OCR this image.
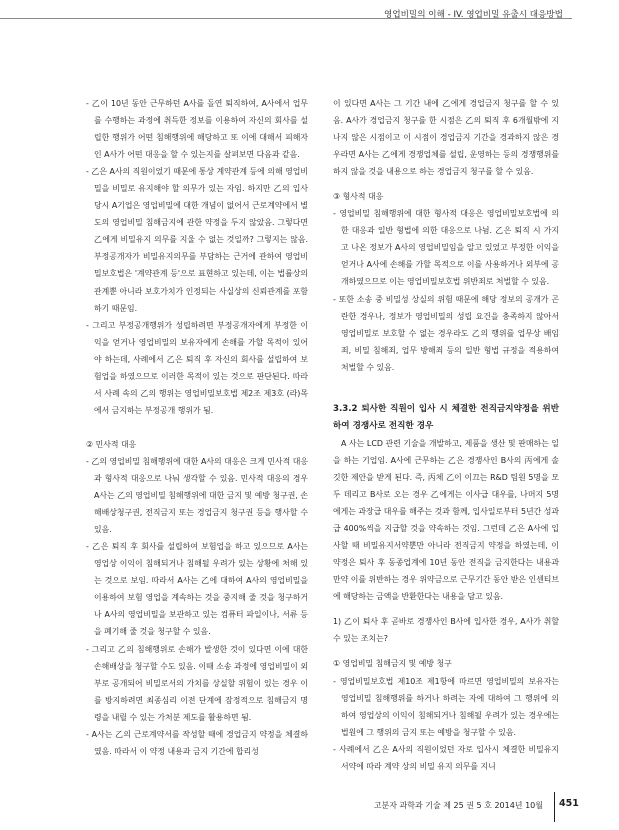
영업비밀의 이해 - IV. 영업비밀 유출시 대응방법

- 乙이 10년 동안 근무하던 A사를 돌연 퇴직하여, A사에서 업무를 수행하는 과정에 취득한 정보를 이용하여 자신의 회사를 설립한 행위가 어떤 침해행위에 해당하고 또 이에 대해서 피해자인 A사가 어떤 대응을 할 수 있는지를 살펴보면 다음과 같음.

- 乙은 A사의 직원이었기 때문에 통상 계약관계 등에 의해 영업비밀을 비밀로 유지해야 할 의무가 있는 자임. 하지만 乙의 입사 당시 A기업은 영업비밀에 대한 개념이 없어서 근로계약에서 별도의 영업비밀 침해금지에 관한 약정을 두지 않았음. 그렇다면 乙에게 비밀유지 의무를 지울 수 없는 것일까? 그렇지는 않음. 부정공개자가 비밀유지의무를 부담하는 근거에 관하여 영업비밀보호법은 '계약관계 등'으로 표현하고 있는데, 이는 법률상의 관계뿐 아니라 보호가치가 인정되는 사실상의 신뢰관계를 포함하기 때문임.

- 그리고 부정공개행위가 성립하려면 부정공개자에게 부정한 이익을 얻거나 영업비밀의 보유자에게 손해를 가할 목적이 있어야 하는데, 사례에서 乙은 퇴직 후 자신의 회사를 설립하여 보험업을 하였으므로 이러한 목적이 있는 것으로 판단된다. 따라서 사례 속의 乙의 행위는 영업비밀보호법 제2조 제3호 (라)목에서 금지하는 부정공개 행위가 됨.

② 민사적 대응

- 乙의 영업비밀 침해행위에 대한 A사의 대응은 크게 민사적 대응과 형사적 대응으로 나눠 생각할 수 있음. 민사적 대응의 경우 A사는 乙의 영업비밀 침해행위에 대한 금지 및 예방 청구권, 손해배상청구권, 전직금지 또는 경업금지 청구권 등을 행사할 수 있음.

- 乙은 퇴직 후 회사를 설립하여 보험업을 하고 있으므로 A사는 영업상 이익이 침해되거나 침해될 우려가 있는 상황에 처해 있는 것으로 보임. 따라서 A사는 乙에 대하여 A사의 영업비밀을 이용하여 보험 영업을 계속하는 것을 중지해 줄 것을 청구하거나 A사의 영업비밀을 보관하고 있는 컴퓨터 파일이나, 서류 등을 폐기해 줄 것을 청구할 수 있음.

- 그리고 乙의 침해행위로 손해가 발생한 것이 있다면 이에 대한 손해배상을 청구할 수도 있음. 이때 소송 과정에 영업비밀이 외부로 공개되어 비밀로서의 가치를 상실할 위험이 있는 경우 이를 방지하려면 최종심리 이전 단계에 잠정적으로 침해금지 명령을 내릴 수 있는 가처분 제도를 활용하면 됨.

- A사는 乙의 근로계약서를 작성할 때에 경업금지 약정을 체결하였음. 따라서 이 약정 내용과 금지 기간에 합리성

이 있다면 A사는 그 기간 내에 乙에게 경업금지 청구를 할 수 있음. A사가 경업금지 청구를 한 시점은 乙의 퇴직 후 6개월밖에 지나지 않은 시점이고 이 시점이 경업금지 기간을 경과하지 않은 경우라면 A사는 乙에게 경쟁업체를 설립, 운영하는 등의 경쟁행위를 하지 않을 것을 내용으로 하는 경업금지 청구를 할 수 있음.

③ 형사적 대응

- 영업비밀 침해행위에 대한 형사적 대응은 영업비밀보호법에 의한 대응과 일반 형법에 의한 대응으로 나뉨. 乙은 퇴직 시 가지고 나온 정보가 A사의 영업비밀임을 알고 있었고 부정한 이익을 얻거나 A사에 손해를 가할 목적으로 이를 사용하거나 외부에 공개하였으므로 이는 영업비밀보호법 위반죄로 처벌할 수 있음.

- 또한 소송 중 비밀성 상실의 위험 때문에 해당 정보의 공개가 곤란한 경우나, 정보가 영업비밀의 성립 요건을 충족하지 않아서 영업비밀로 보호할 수 없는 경우라도 乙의 행위를 업무상 배임죄, 비밀 침해죄, 업무 방해죄 등의 일반 형법 규정을 적용하여 처벌할 수 있음.

3.3.2 퇴사한 직원이 입사 시 체결한 전직금지약정을 위반하여 경쟁사로 전직한 경우

A 사는 LCD 관련 기술을 개발하고, 제품을 생산 및 판매하는 일을 하는 기업임. A사에 근무하는 乙은 경쟁사인 B사의 丙에게 솔깃한 제안을 받게 된다. 즉, 丙체 乙이 이끄는 R&D 팀원 5명을 모두 데리고 B사로 오는 경우 乙에게는 이사급 대우를, 나머지 5명에게는 과장급 대우를 해주는 것과 함께, 입사일로부터 5년간 성과급 400%씩을 지급할 것을 약속하는 것임. 그런데 乙은 A사에 입사할 때 비밀유지서약뿐만 아니라 전직금지 약정을 하였는데, 이 약정은 퇴사 후 동종업계에 10년 동안 전직을 금지한다는 내용과 만약 이를 위반하는 경우 위약금으로 근무기간 동안 받은 인센티브에 해당하는 금액을 반환한다는 내용을 담고 있음.

1) 乙이 퇴사 후 곧바로 경쟁사인 B사에 입사한 경우, A사가 취할 수 있는 조치는?

① 영업비밀 침해금지 및 예방 청구

- 영업비밀보호법 제10조 제1항에 따르면 영업비밀의 보유자는 영업비밀 침해행위를 하거나 하려는 자에 대하여 그 행위에 의하여 영업상의 이익이 침해되거나 침해될 우려가 있는 경우에는 법원에 그 행위의 금지 또는 예방을 청구할 수 있음.

- 사례에서 乙은 A사의 직원이었던 자로 입사시 체결한 비밀유지서약에 따라 계약 상의 비밀 유지 의무를 지니

고분자 과학과 기술 제 25 권 5 호 2014년 10월 451
